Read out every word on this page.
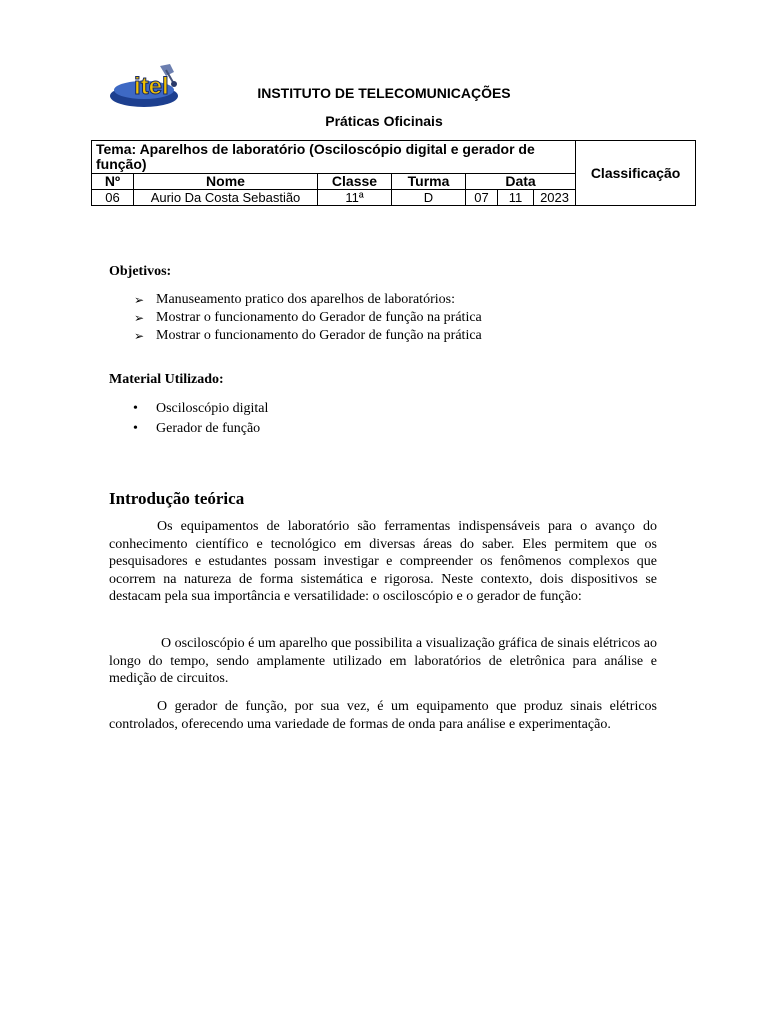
itel	INSTITUTO DE TELECOMUNICAÇÕES
Práticas Oficinais
Tema: Aparelhos de laboratório (Osciloscópio digital e gerador de função)							Classificação
Nº	Nome	Classe	Turma	Data			
06	Aurio Da Costa Sebastião	11ª	D	07	11	2023	
Objetivos:
➢ Manuseamento pratico dos aparelhos de laboratórios:
➢ Mostrar o funcionamento do Gerador de função na prática
➢ Mostrar o funcionamento do Gerador de função na prática
Material Utilizado:
• Osciloscópio digital
• Gerador de função
Introdução teórica

Os equipamentos de laboratório são ferramentas indispensáveis para o avanço do conhecimento científico e tecnológico em diversas áreas do saber. Eles permitem que os pesquisadores e estudantes possam investigar e compreender os fenômenos complexos que ocorrem na natureza de forma sistemática e rigorosa. Neste contexto, dois dispositivos se destacam pela sua importância e versatilidade: o osciloscópio e o gerador de função:

O osciloscópio é um aparelho que possibilita a visualização gráfica de sinais elétricos ao longo do tempo, sendo amplamente utilizado em laboratórios de eletrônica para análise e medição de circuitos.

O gerador de função, por sua vez, é um equipamento que produz sinais elétricos controlados, oferecendo uma variedade de formas de onda para análise e experimentação.
